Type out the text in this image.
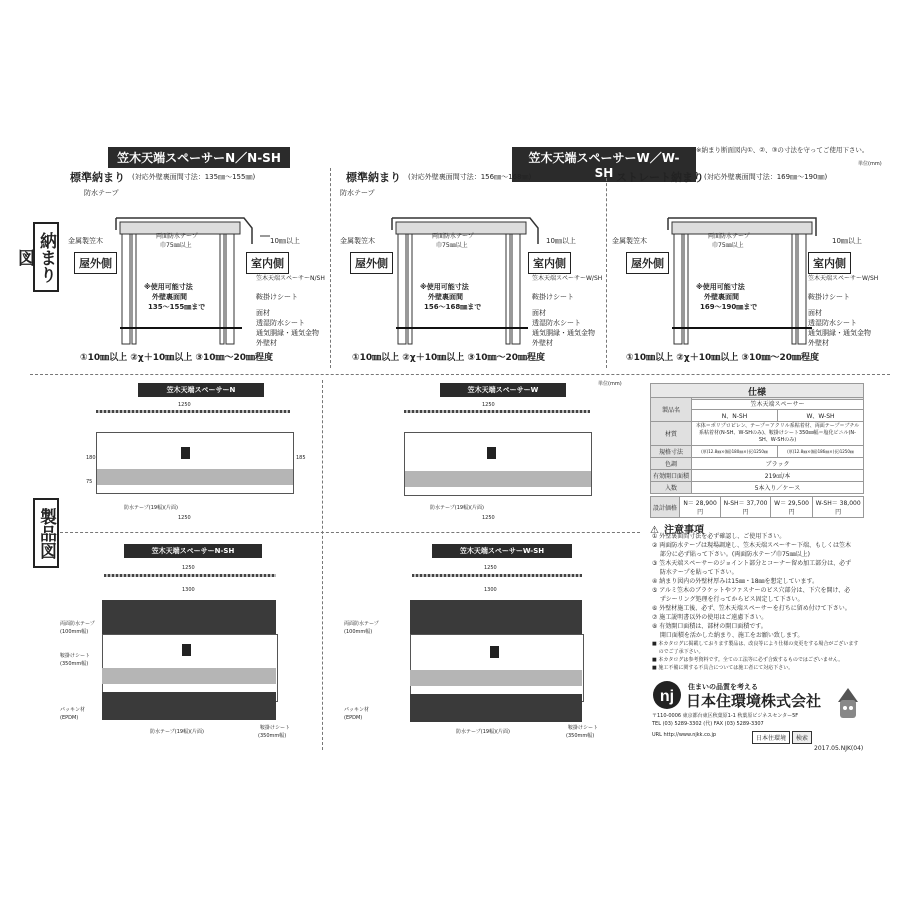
笠木天端スペーサーN／N-SH	笠木天端スペーサーW／W-SH
※納まり断面図内①、②、③の寸法を守ってご使用下さい。
単位(mm)
納まり図
製品図
標準納まり (対応外壁裏面間寸法：135㎜～155㎜)
防水テープ
金属製笠木
両面防水テープ
巾75㎜以上
屋外側	室内側
10㎜以上
笠木天端スペーサーN/SH
鞍掛けシート
面材
透湿防水シート
通気胴縁・通気金物
外壁材
※使用可能寸法
外壁裏面間
135～155㎜まで
①10㎜以上 ②χ＋10㎜以上 ③10㎜～20㎜程度
標準納まり (対応外壁裏面間寸法：156㎜～168㎜)
防水テープ
金属製笠木
両面防水テープ
巾75㎜以上
屋外側	室内側
10㎜以上
笠木天端スペーサーW/SH
鞍掛けシート
面材
透湿防水シート
通気胴縁・通気金物
外壁材
※使用可能寸法
外壁裏面間
156～168㎜まで
①10㎜以上 ②χ＋10㎜以上 ③10㎜～20㎜程度
ストレート納まり (対応外壁裏面間寸法：169㎜～190㎜)
金属製笠木
両面防水テープ
巾75㎜以上
屋外側	室内側
10㎜以上
笠木天端スペーサーW/SH
鞍掛けシート
面材
透湿防水シート
通気胴縁・通気金物
外壁材
※使用可能寸法
外壁裏面間
169～190㎜まで
①10㎜以上 ②χ＋10㎜以上 ③10㎜～20㎜程度
笠木天端スペーサーN	笠木天端スペーサーW
単位(mm)
1250
180
75
185
防水テープ(19幅)(片面)
1250
1250
防水テープ(19幅)(片面)
1250
笠木天端スペーサーN-SH	笠木天端スペーサーW-SH
1250
1300
両面防水テープ
(100mm幅)
鞍掛けシート
(350mm幅)
パッキン材
(EPDM)
防水テープ(19幅)(片面)
鞍掛けシート
(350mm幅)
1250
1300
両面防水テープ
(100mm幅)
パッキン材
(EPDM)
防水テープ(19幅)(片面)
鞍掛けシート
(350mm幅)
仕様
製品名	笠木天端スペーサー	
	N、N-SH	W、W-SH
材質	本体＝ポリプロピレン、テープ＝アクリル系粘着材、両面テープ＝ブチル系粘着材(N-SH、W-SHのみ)、鞍掛けシート350㎜幅＝塩化ビニル(N-SH、W-SHのみ)	
規格寸法	(厚)12.8㎜×(幅)180㎜×(長)1250㎜	(厚)12.8㎜×(幅)186㎜×(長)1250㎜
色調	ブラック	
有効開口面積	219㎠/本	
入数	5本入り／ケース	
設計価格	N＝ 28,900円	N-SH＝ 37,700円	W＝ 29,500円	W-SH＝ 38,000円
⚠ 注意事項
① 外壁裏面間寸法を必ず確認し、ご使用下さい。
② 両面防水テープは現場調達し、笠木天端スペーサー下端、もしくは笠木
　 部分に必ず貼って下さい。(両面防水テープ巾75㎜以上)
③ 笠木天端スペーサーのジョイント部分とコーナー留め加工部分は、必ず
　 防水テープを貼って下さい。
④ 納まり図内の外壁材厚みは15㎜・18㎜を想定しています。
⑤ アルミ笠木のブラケットやファスナーのビス穴部分は、下穴を開け、必
　 ずシーリング処理を行ってからビス固定して下さい。
⑥ 外壁材施工後、必ず、笠木天端スペーサーを打ちに留め付けて下さい。
⑦ 施工説明書以外の使用はご遠慮下さい。
⑧ 有効開口面積は、部材の開口面積です。
　 開口面積を活かした納まり、施工をお願い致します。
■ 本カタログに掲載しております製品は、改良等により仕様の変更をする場合がございます
　 のでご了承下さい。
■ 本カタログは参考資料です。全ての工法等に必ず合致するものではございません。
■ 施工不備に関する不具合については施工者にて対応下さい。
nj
住まいの品質を考える
日本住環境株式会社
〒110-0006 東京都台東区秋葉原1-1 秋葉原ビジネスセンター5F
TEL (03) 5289-3302 (代) FAX (03) 5289-3307
URL http://www.njkk.co.jp	日本住環境	検索
2017.05.NJK(04)
